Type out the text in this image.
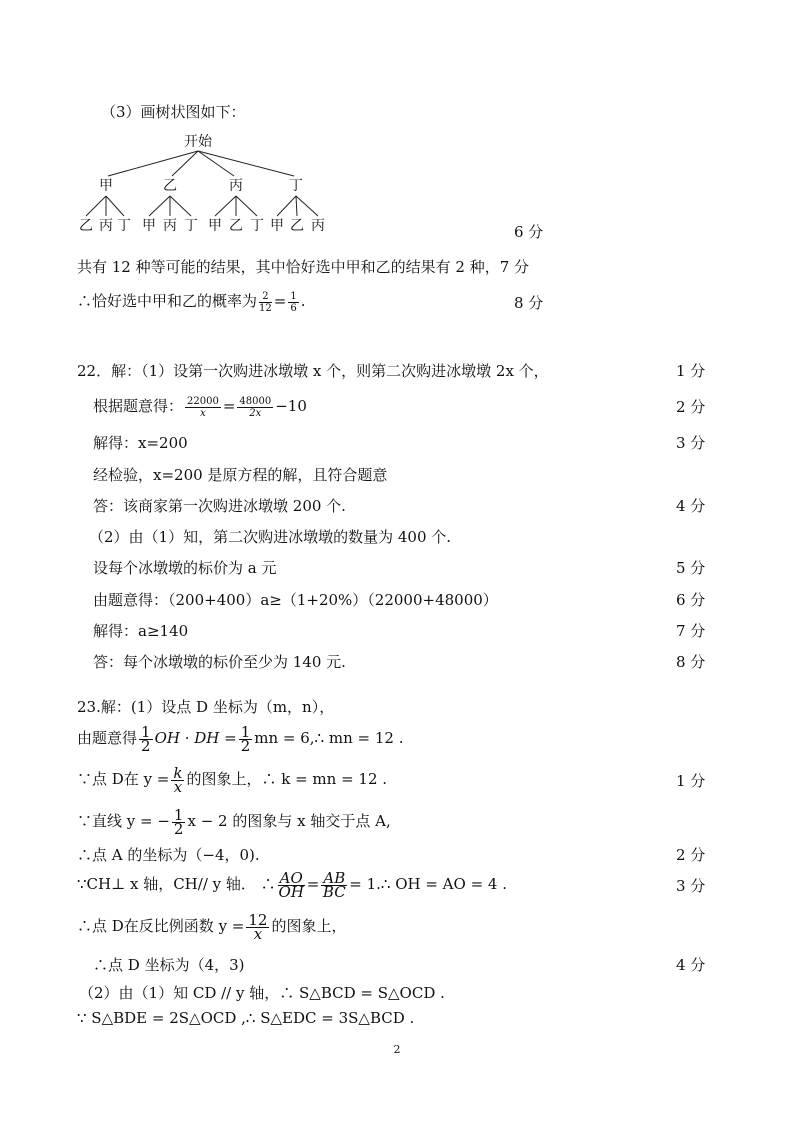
（3）画树状图如下：
开始
甲	乙	丙	丁
乙 丙 丁 甲 丙 丁 甲 乙 丁 甲 乙 丙	6 分
共有 12 种等可能的结果，其中恰好选中甲和乙的结果有 2 种，7 分
∴恰好选中甲和乙的概率为 $\frac{2}{12} = \frac{1}{6}$ .	8 分
22．解：（1）设第一次购进冰墩墩 x 个，则第二次购进冰墩墩 2x 个，	1 分
根据题意得： $\frac{22000}{x} = \frac{48000}{2x} -10$	2 分
解得：x=200	3 分
经检验，x=200 是原方程的解，且符合题意
答：该商家第一次购进冰墩墩 200 个.	4 分
（2）由（1）知，第二次购进冰墩墩的数量为 400 个.
设每个冰墩墩的标价为 a 元	5 分
由题意得：（200+400）a≥（1+20%）（22000+48000）	6 分
解得：a≥140	7 分
答：每个冰墩墩的标价至少为 140 元.	8 分
23.解：(1）设点 D 坐标为（m，n），
由题意得 $\frac{1}{2}$ OH · DH = $\frac{1}{2}$ mn = 6,∴ mn = 12 .
∵点 D在 $y = \frac{k}{x}$ 的图象上，∴ k = mn = 12 .	1 分
∵直线 y = − $\frac{1}{2}$ x − 2 的图象与 x 轴交于点 A,
∴点 A 的坐标为（−4，0).	2 分
∵CH⊥ x 轴，CH// y 轴． ∴ $\frac{AO}{OH} = \frac{AB}{BC}$ = 1.∴ OH = AO = 4 .	3 分
∴点 D在反比例函数 $y = \frac{12}{x}$ 的图象上，
∴点 D 坐标为（4，3)	4 分
（2）由（1）知 CD // y 轴，∴ S△BCD = S△OCD .
∵ S△BDE = 2S△OCD ,∴ S△EDC = 3S△BCD .
2
